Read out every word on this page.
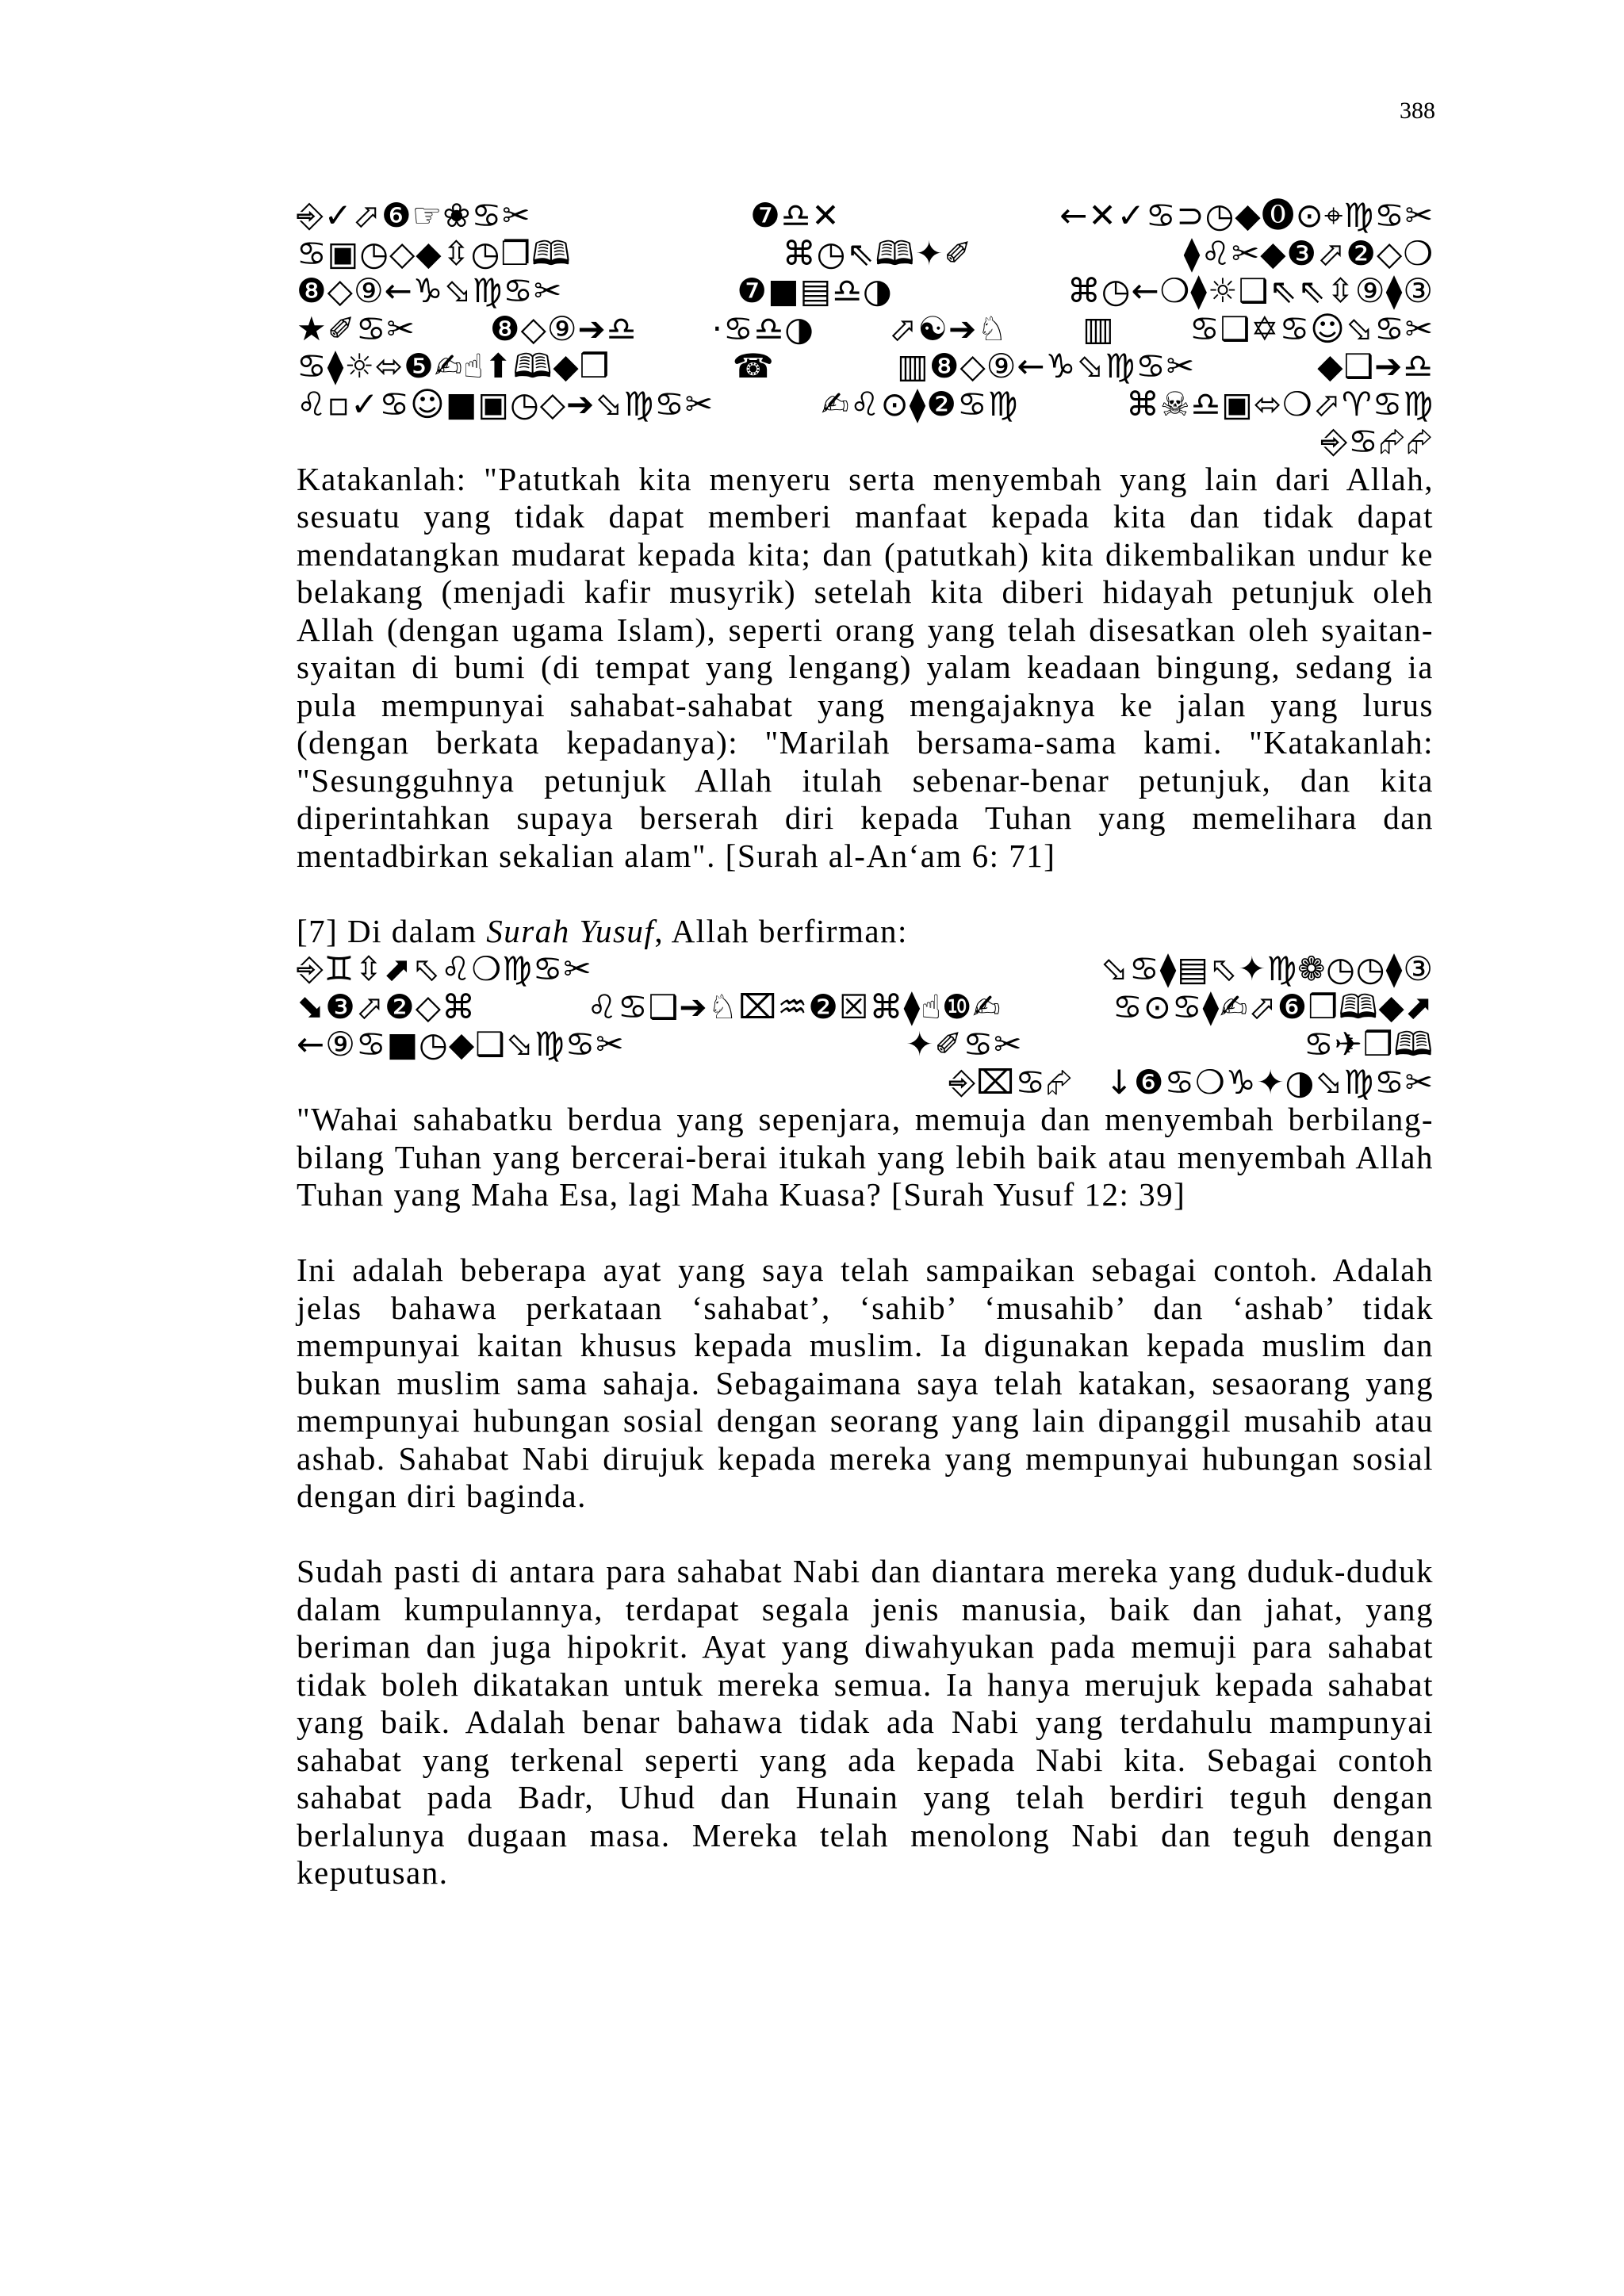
388
⎆✓⬀❻☞❀♋✂	❼♎✕	←✕✓♋⊃◷◆⓿⊙⌖♍♋✂
♋▣◷◇◆⇳◷❐🕮	⌘◷⇖🕮✦✐	⧫♌✂◆❸⬀❷◇❍
❽◇⑨←♑⬂♍♋✂	❼■▤♎◑	⌘◷←❍⧫☼❑⇖⇖⇳⑨⧫③
★✐♋✂ ❽◇⑨➔♎ ·♋♎◑ ⬀☯➔♘ ▥ ♋❑✡♋☺⬂♋✂
♋⧫☼⬄❺✍☝⬆🕮◆❒	☎	▥❽◇⑨←♑⬂♍♋✂	◆❑➔♎
♌▫✓♋☺■▣◷◇➔⬂♍♋✂	✍♌⊙⧫❷♋♍	⌘☠♎▣⬄❍⬀♈♋♍
⎆♋⮳⮳

Katakanlah: "Patutkah kita menyeru serta menyembah yang lain dari Allah, sesuatu yang tidak dapat memberi manfaat kepada kita dan tidak dapat mendatangkan mudarat kepada kita; dan (patutkah) kita dikembalikan undur ke belakang (menjadi kafir musyrik) setelah kita diberi hidayah petunjuk oleh Allah (dengan ugama Islam), seperti orang yang telah disesatkan oleh syaitan-syaitan di bumi (di tempat yang lengang) yalam keadaan bingung, sedang ia pula mempunyai sahabat-sahabat yang mengajaknya ke jalan yang lurus (dengan berkata kepadanya): "Marilah bersama-sama kami. "Katakanlah: "Sesungguhnya petunjuk Allah itulah sebenar-benar petunjuk, dan kita diperintahkan supaya berserah diri kepada Tuhan yang memelihara dan mentadbirkan sekalian alam". [Surah al-An‘am 6: 71]

[7] Di dalam Surah Yusuf, Allah berfirman:

⎆♊⇳⬈⬁♌❍♍♋✂	⬂♋⧫▤⬁✦♍❁◷◷⧫③
⬊❸⬀❷◇⌘	♌♋❑➔♘⌧♒❷☒⌘⧫☝❿✍	♋⊙♋⧫✍⬀❻❒🕮◆⬈
←⑨♋■◷◆❑⬂♍♋✂	✦✐♋✂	♋✈❒🕮
⎆⌧♋⮳ ↓❻♋❍♑✦◑⬂♍♋✂

"Wahai sahabatku berdua yang sepenjara, memuja dan menyembah berbilang-bilang Tuhan yang bercerai-berai itukah yang lebih baik atau menyembah Allah Tuhan yang Maha Esa, lagi Maha Kuasa? [Surah Yusuf 12: 39]

Ini adalah beberapa ayat yang saya telah sampaikan sebagai contoh. Adalah jelas bahawa perkataan ‘sahabat’, ‘sahib’ ‘musahib’ dan ‘ashab’ tidak mempunyai kaitan khusus kepada muslim. Ia digunakan kepada muslim dan bukan muslim sama sahaja. Sebagaimana saya telah katakan, sesaorang yang mempunyai hubungan sosial dengan seorang yang lain dipanggil musahib atau ashab. Sahabat Nabi dirujuk kepada mereka yang mempunyai hubungan sosial dengan diri baginda.

Sudah pasti di antara para sahabat Nabi dan diantara mereka yang duduk-duduk dalam kumpulannya, terdapat segala jenis manusia, baik dan jahat, yang beriman dan juga hipokrit. Ayat yang diwahyukan pada memuji para sahabat tidak boleh dikatakan untuk mereka semua. Ia hanya merujuk kepada sahabat yang baik. Adalah benar bahawa tidak ada Nabi yang terdahulu mampunyai sahabat yang terkenal seperti yang ada kepada Nabi kita. Sebagai contoh sahabat pada Badr, Uhud dan Hunain yang telah berdiri teguh dengan berlalunya dugaan masa. Mereka telah menolong Nabi dan teguh dengan keputusan.
